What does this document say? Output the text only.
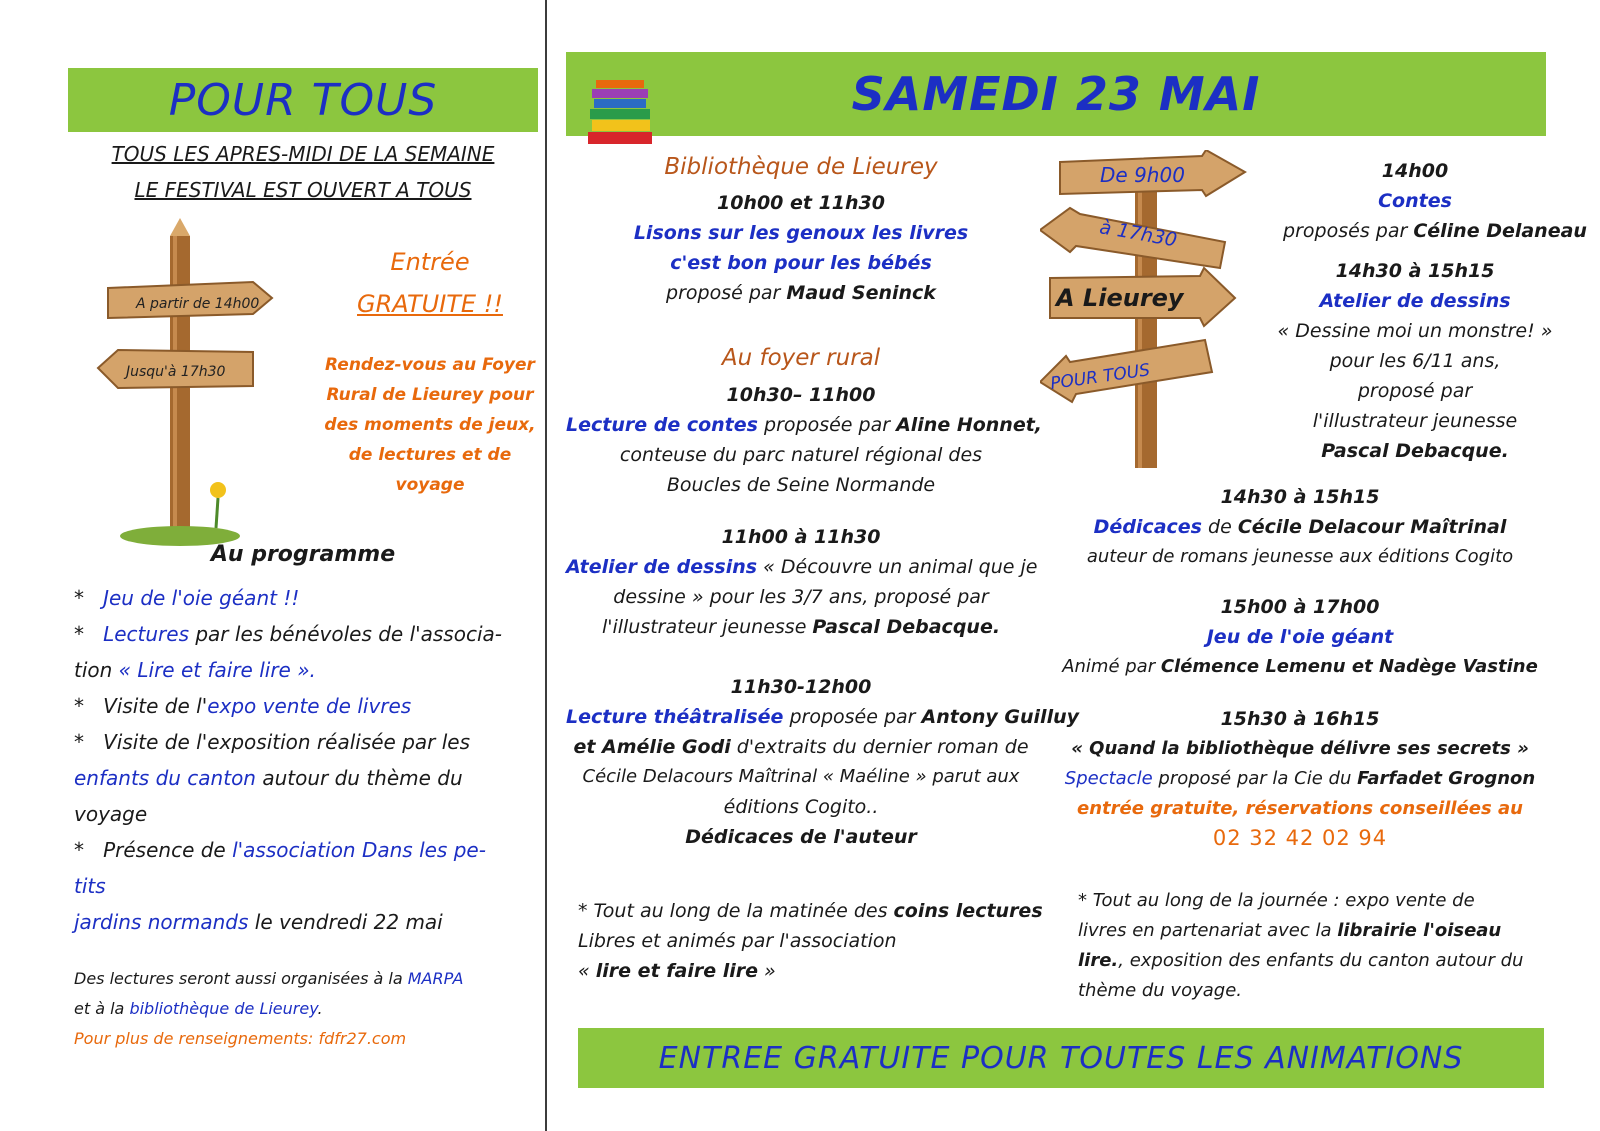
POUR TOUS
TOUS LES APRES-MIDI DE LA SEMAINE
LE FESTIVAL EST OUVERT A TOUS
A partir de 14h00
Jusqu'à 17h30
Entrée
GRATUITE !!
Rendez-vous au Foyer
Rural de Lieurey pour
des moments de jeux,
de lectures et de
voyage
Au programme
* Jeu de l'oie géant !!
* Lectures par les bénévoles de l'associa-
tion « Lire et faire lire ».
* Visite de l'expo vente de livres
* Visite de l'exposition réalisée par les
enfants du canton autour du thème du
voyage
* Présence de l'association Dans les pe-
tits
jardins normands le vendredi 22 mai
Des lectures seront aussi organisées à la MARPA
et à la bibliothèque de Lieurey.
Pour plus de renseignements: fdfr27.com
SAMEDI 23 MAI
Bibliothèque de Lieurey
10h00 et 11h30
Lisons sur les genoux les livres
c'est bon pour les bébés
proposé par Maud Seninck
Au foyer rural
10h30– 11h00
Lecture de contes proposée par Aline Honnet,
conteuse du parc naturel régional des
Boucles de Seine Normande
11h00 à 11h30
Atelier de dessins « Découvre un animal que je
dessine » pour les 3/7 ans, proposé par
l'illustrateur jeunesse Pascal Debacque.
11h30-12h00
Lecture théâtralisée proposée par Antony Guilluy
et Amélie Godi d'extraits du dernier roman de
Cécile Delacours Maîtrinal « Maéline » parut aux
éditions Cogito..
Dédicaces de l'auteur
* Tout au long de la matinée des coins lectures
Libres et animés par l'association
« lire et faire lire »
De 9h00
à 17h30
A Lieurey
POUR TOUS
14h00
Contes
proposés par Céline Delaneau
14h30 à 15h15
Atelier de dessins
« Dessine moi un monstre! »
pour les 6/11 ans,
proposé par
l'illustrateur jeunesse
Pascal Debacque.
14h30 à 15h15
Dédicaces de Cécile Delacour Maîtrinal
auteur de romans jeunesse aux éditions Cogito
15h00 à 17h00
Jeu de l'oie géant
Animé par Clémence Lemenu et Nadège Vastine
15h30 à 16h15
« Quand la bibliothèque délivre ses secrets »
Spectacle proposé par la Cie du Farfadet Grognon
entrée gratuite, réservations conseillées au
02 32 42 02 94
* Tout au long de la journée : expo vente de
livres en partenariat avec la librairie l'oiseau
lire., exposition des enfants du canton autour du
thème du voyage.
ENTREE GRATUITE POUR TOUTES LES ANIMATIONS
